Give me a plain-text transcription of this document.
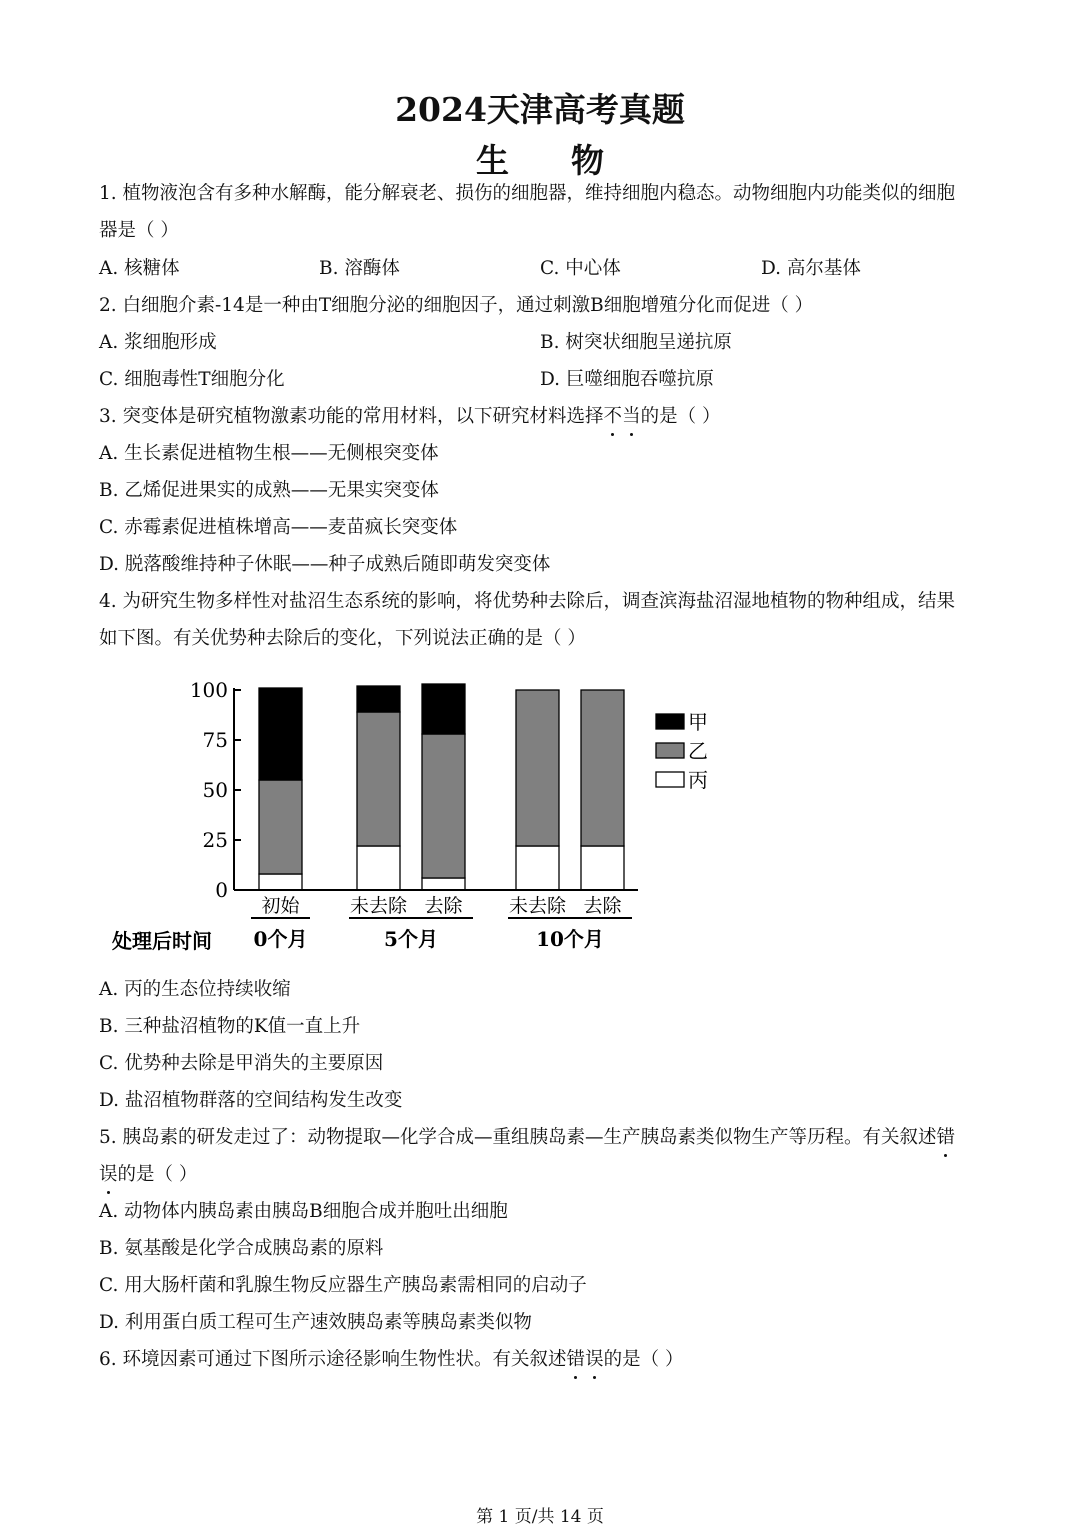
2024天津高考真题
生 物
1. 植物液泡含有多种水解酶，能分解衰老、损伤的细胞器，维持细胞内稳态。动物细胞内功能类似的细胞
器是（ ）
A. 核糖体	B. 溶酶体	C. 中心体	D. 高尔基体
2. 白细胞介素-14是一种由T细胞分泌的细胞因子，通过刺激B细胞增殖分化而促进（ ）
A. 浆细胞形成	B. 树突状细胞呈递抗原
C. 细胞毒性T细胞分化	D. 巨噬细胞吞噬抗原
3. 突变体是研究植物激素功能的常用材料，以下研究材料选择不当的是（ ）
A. 生长素促进植物生根——无侧根突变体
B. 乙烯促进果实的成熟——无果实突变体
C. 赤霉素促进植株增高——麦苗疯长突变体
D. 脱落酸维持种子休眠——种子成熟后随即萌发突变体
4. 为研究生物多样性对盐沼生态系统的影响，将优势种去除后，调查滨海盐沼湿地植物的物种组成，结果
如下图。有关优势种去除后的变化，下列说法正确的是（ ）
0
25
50
75
100
甲
乙
丙
初始	未去除 去除 未去除 去除
0个月	5个月	10个月
处理后时间
A. 丙的生态位持续收缩
B. 三种盐沼植物的K值一直上升
C. 优势种去除是甲消失的主要原因
D. 盐沼植物群落的空间结构发生改变
5. 胰岛素的研发走过了：动物提取—化学合成—重组胰岛素—生产胰岛素类似物生产等历程。有关叙述错
误的是（ ）
A. 动物体内胰岛素由胰岛B细胞合成并胞吐出细胞
B. 氨基酸是化学合成胰岛素的原料
C. 用大肠杆菌和乳腺生物反应器生产胰岛素需相同的启动子
D. 利用蛋白质工程可生产速效胰岛素等胰岛素类似物
6. 环境因素可通过下图所示途径影响生物性状。有关叙述错误的是（ ）
第 1 页/共 14 页
